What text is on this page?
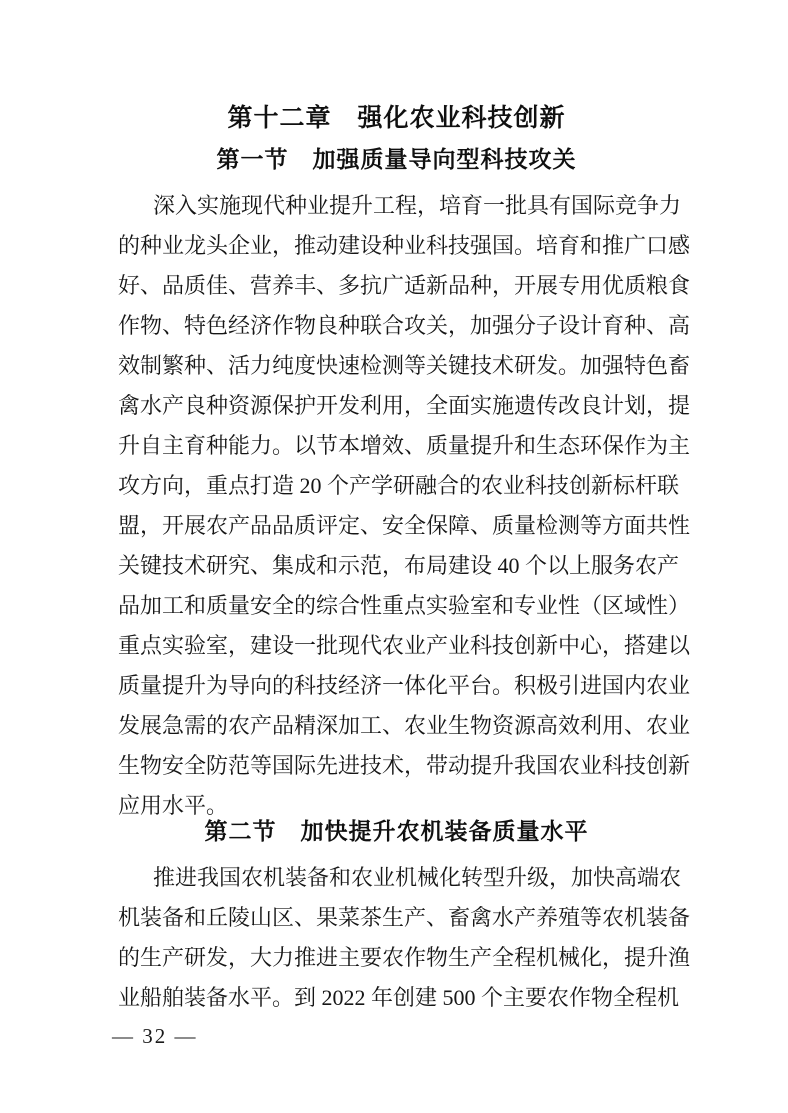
第十二章　强化农业科技创新
第一节　加强质量导向型科技攻关
深入实施现代种业提升工程，培育一批具有国际竞争力
的种业龙头企业，推动建设种业科技强国。培育和推广口感
好、品质佳、营养丰、多抗广适新品种，开展专用优质粮食
作物、特色经济作物良种联合攻关，加强分子设计育种、高
效制繁种、活力纯度快速检测等关键技术研发。加强特色畜
禽水产良种资源保护开发利用，全面实施遗传改良计划，提
升自主育种能力。以节本增效、质量提升和生态环保作为主
攻方向，重点打造 20 个产学研融合的农业科技创新标杆联
盟，开展农产品品质评定、安全保障、质量检测等方面共性
关键技术研究、集成和示范，布局建设 40 个以上服务农产
品加工和质量安全的综合性重点实验室和专业性（区域性）
重点实验室，建设一批现代农业产业科技创新中心，搭建以
质量提升为导向的科技经济一体化平台。积极引进国内农业
发展急需的农产品精深加工、农业生物资源高效利用、农业
生物安全防范等国际先进技术，带动提升我国农业科技创新
应用水平。
第二节　加快提升农机装备质量水平
推进我国农机装备和农业机械化转型升级，加快高端农
机装备和丘陵山区、果菜茶生产、畜禽水产养殖等农机装备
的生产研发，大力推进主要农作物生产全程机械化，提升渔
业船舶装备水平。到 2022 年创建 500 个主要农作物全程机
— 32 —
